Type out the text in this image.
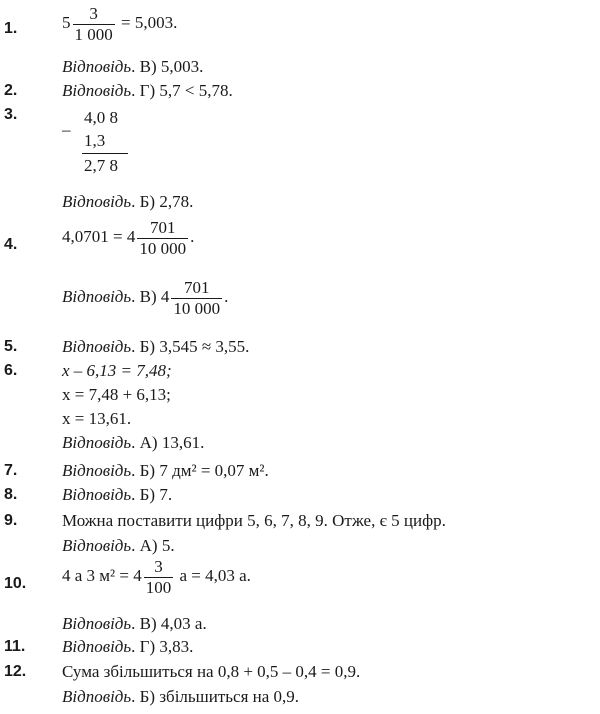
1.	$5 \frac{3}{1 000} = 5,003$.
Відповідь. В) 5,003.
2.	Відповідь. Г) 5,7 < 5,78.
3.
–
4,0 8
1,3
2,7 8
Відповідь. Б) 2,78.
4.	$4,0701 = 4 \frac{701}{10 000}$ .
Відповідь. В) $4 \frac{701}{10 000}$ .
5.	Відповідь. Б) 3,545 ≈ 3,55.
6.	x – 6,13 = 7,48;
x = 7,48 + 6,13;
x = 13,61.
Відповідь. А) 13,61.
7.	Відповідь. Б) 7 дм² = 0,07 м².
8.	Відповідь. Б) 7.
9.	Можна поставити цифри 5, 6, 7, 8, 9. Отже, є 5 цифр.
Відповідь. А) 5.
10. 4 а 3 $м^2 = 4 \frac{3}{100}$ а = 4,03 а.
Відповідь. В) 4,03 а.
11. Відповідь. Г) 3,83.
12. Сума збільшиться на 0,8 + 0,5 – 0,4 = 0,9.
Відповідь. Б) збільшиться на 0,9.
